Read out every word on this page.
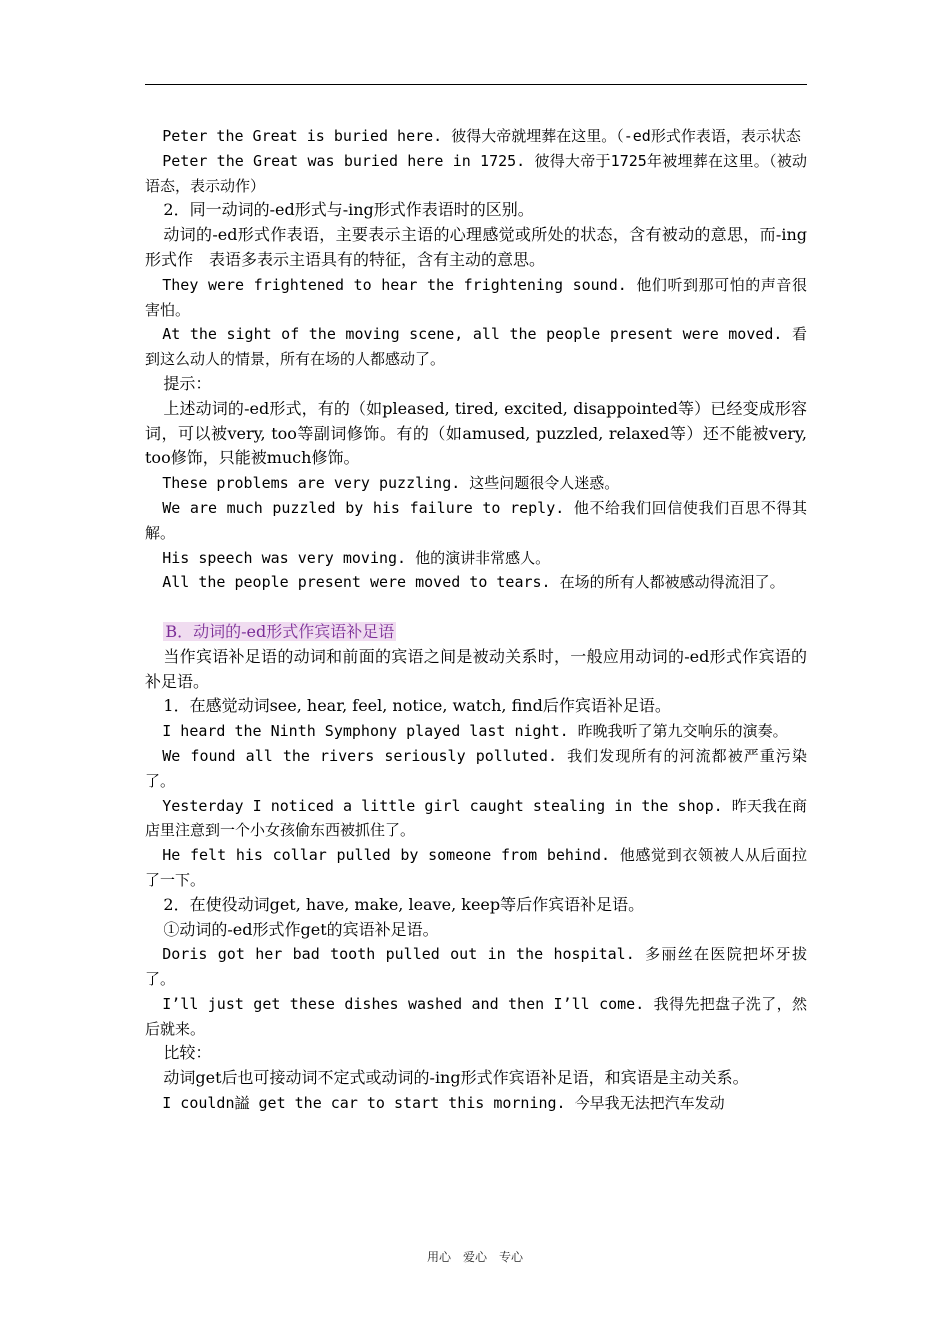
Peter the Great is buried here. 彼得大帝就埋葬在这里。（-ed形式作表语，表示状态

Peter the Great was buried here in 1725. 彼得大帝于1725年被埋葬在这里。（被动语态，表示动作）

2．同一动词的-ed形式与-ing形式作表语时的区别。

动词的-ed形式作表语，主要表示主语的心理感觉或所处的状态，含有被动的意思，而-ing形式作　表语多表示主语具有的特征，含有主动的意思。

They were frightened to hear the frightening sound. 他们听到那可怕的声音很害怕。

At the sight of the moving scene, all the people present were moved. 看到这么动人的情景，所有在场的人都感动了。

提示：

上述动词的-ed形式，有的（如pleased, tired, excited, disappointed等）已经变成形容词，可以被very, too等副词修饰。有的（如amused, puzzled, relaxed等）还不能被very, too修饰，只能被much修饰。

These problems are very puzzling. 这些问题很令人迷惑。

We are much puzzled by his failure to reply. 他不给我们回信使我们百思不得其解。

His speech was very moving. 他的演讲非常感人。

All the people present were moved to tears. 在场的所有人都被感动得流泪了。

B．动词的-ed形式作宾语补足语

当作宾语补足语的动词和前面的宾语之间是被动关系时，一般应用动词的-ed形式作宾语的补足语。

1．在感觉动词see, hear, feel, notice, watch, find后作宾语补足语。

I heard the Ninth Symphony played last night. 昨晚我听了第九交响乐的演奏。

We found all the rivers seriously polluted. 我们发现所有的河流都被严重污染了。

Yesterday I noticed a little girl caught stealing in the shop. 昨天我在商店里注意到一个小女孩偷东西被抓住了。

He felt his collar pulled by someone from behind. 他感觉到衣领被人从后面拉了一下。

2．在使役动词get, have, make, leave, keep等后作宾语补足语。

①动词的-ed形式作get的宾语补足语。

Doris got her bad tooth pulled out in the hospital. 多丽丝在医院把坏牙拔了。

I’ll just get these dishes washed and then I’ll come. 我得先把盘子洗了，然后就来。

比较：

动词get后也可接动词不定式或动词的-ing形式作宾语补足语，和宾语是主动关系。

I couldn謚 get the car to start this morning. 今早我无法把汽车发动

用心　爱心　专心
